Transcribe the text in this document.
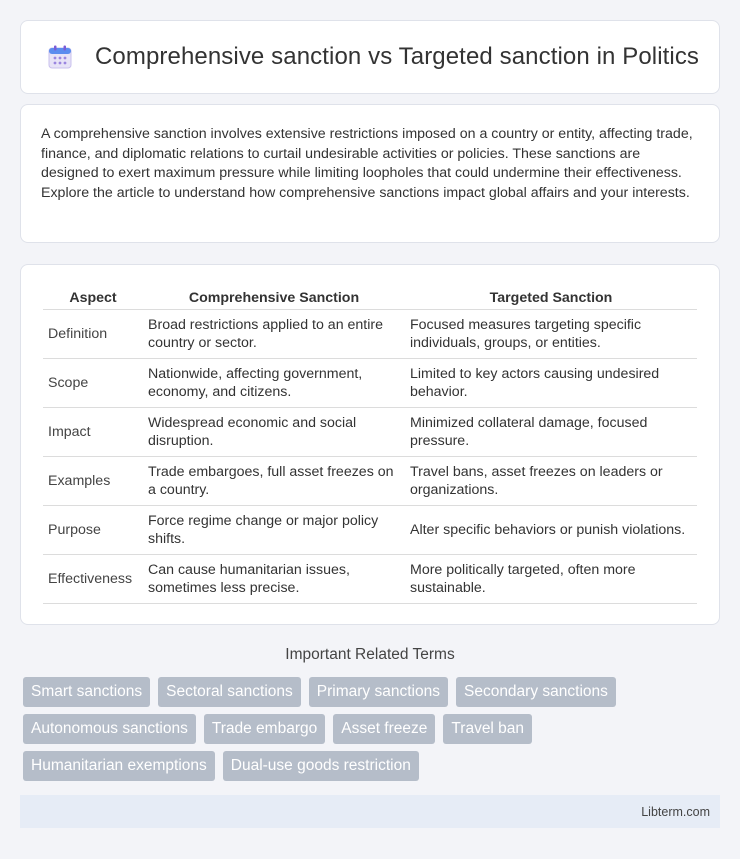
Comprehensive sanction vs Targeted sanction in Politics

A comprehensive sanction involves extensive restrictions imposed on a country or entity, affecting trade, finance, and diplomatic relations to curtail undesirable activities or policies. These sanctions are designed to exert maximum pressure while limiting loopholes that could undermine their effectiveness. Explore the article to understand how comprehensive sanctions impact global affairs and your interests.

Aspect	Comprehensive Sanction	Targeted Sanction
Definition	Broad restrictions applied to an entire country or sector.	Focused measures targeting specific individuals, groups, or entities.
Scope	Nationwide, affecting government, economy, and citizens.	Limited to key actors causing undesired behavior.
Impact	Widespread economic and social disruption.	Minimized collateral damage, focused pressure.
Examples	Trade embargoes, full asset freezes on a country.	Travel bans, asset freezes on leaders or organizations.
Purpose	Force regime change or major policy shifts.	Alter specific behaviors or punish violations.
Effectiveness	Can cause humanitarian issues, sometimes less precise.	More politically targeted, often more sustainable.
Important Related Terms
Smart sanctions	Sectoral sanctions	Primary sanctions	Secondary sanctions
Autonomous sanctions	Trade embargo	Asset freeze	Travel ban
Humanitarian exemptions	Dual-use goods restriction
Libterm.com
